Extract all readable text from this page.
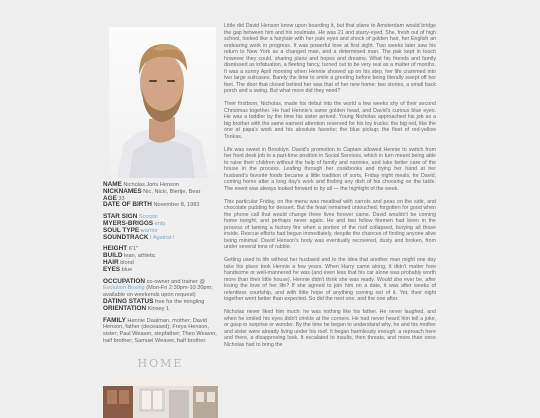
NAME Nicholas Joris Henson
NICKNAMES Nic, Nicki, Blertje, Bear
AGE 33
DATE OF BIRTH November 8, 1983
STAR SIGN Scorpio
MYERS-BRIGGS enfp
SOUL TYPE warrior
SOUNDTRACK I Against I
HEIGHT 6'1"
BUILD lean, athletic
HAIR blond
EYES blue
OCCUPATION co-owner and trainer @ Evolution Boxing (Mon-Fri 2:30pm-10:30pm; available on weekends upon request)
DATING STATUS free for the mingling
ORIENTATION Kinsey 1
FAMILY Hennie Daalman, mother; David Henson, father (deceased); Freya Henson, sister; Paul Weaver, stepfather; Theo Weaver, half brother; Samuel Weaver, half brother.
HOME

Little did David Henson know upon boarding it, but that plane to Amsterdam would bridge the gap between him and his soulmate. He was 21 and starry-eyed. She, fresh out of high school, looked like a fairytale with her pale eyes and shock of golden hair, her English an endearing work in progress. It was powerful love at first sight. Two weeks later saw his return to New York as a changed man, and a determined man. The pair kept in touch however they could, sharing plans and hopes and dreams. What his friends and family dismissed as infatuation, a fleeting fancy, turned out to be very real as a matter of months. It was a sunny April morning when Hennie showed up on his step, her life crammed into two large suitcases. Barely the time to smile a greeting before being literally swept off her feet. The door that closed behind her was that of her new home: two stories, a small back porch and a swing. But what more did they need?

Their firstborn, Nicholas, made his debut into the world a few weeks shy of their second Christmas together. He had Hennie's same golden head, and David's curious blue eyes. He was a toddler by the time his sister arrived. Young Nicholas approached his job as a big brother with the same earnest attention reserved for his toy trucks: the big red, like the one at papa's work and his absolute favorite; the blue pickup; the fleet of red-yellow Tonkas.

Life was sweet in Brooklyn. David's promotion to Captain allowed Hennie to switch from her front desk job to a part-time position in Social Services, which in turn meant being able to raise their children without the help of family and nannies, and take better care of the house in the process. Leafing through her cookbooks and trying her hand at her husband's favorite foods became a little tradition of sorts, Friday night meals, for David, coming home after a long day's work and finding any dish of his choosing on the table. The event was always looked forward to by all — the highlight of the week.

This particular Friday, on the menu was meatloaf with carrots and peas on the side, and chocolate pudding for dessert. But the feast remained untouched, forgotten for good when the phone call that would change three lives forever came. David wouldn't be coming home tonight, and perhaps never again. He and two fellow firemen had been in the process of taming a factory fire when a portion of the roof collapsed, burying all those inside. Rescue efforts had begun immediately, despite the chances of finding anyone alive being minimal. David Henson's body was eventually recovered, dusty and broken, from under several tons of rubble.

Getting used to life without her husband and to the idea that another man might one day take his place took Hennie a few years. When Harry came along, it didn't matter how handsome or well-mannered he was (and even less that his car alone was probably worth more than their little house). Hennie didn't think she was ready. Would she ever be, after losing the love of her life? If she agreed to join him on a date, it was after weeks of relentless courtship, and with little hope of anything coming out of it. Yet, their night together went better than expected. So did the next one, and the one after.

Nicholas never liked him much: he was nothing like his father. He never laughed, and when he smiled his eyes didn't crinkle at the corners. He had never heard him tell a joke, or gasp in surprise or wonder. By the time he began to understand why, he and his mother and sister were already living under his roof. It began harmlessly enough: a reproach here and there, a disapproving look. It escalated to insults, then threats, and more than once Nicholas had to bring the
